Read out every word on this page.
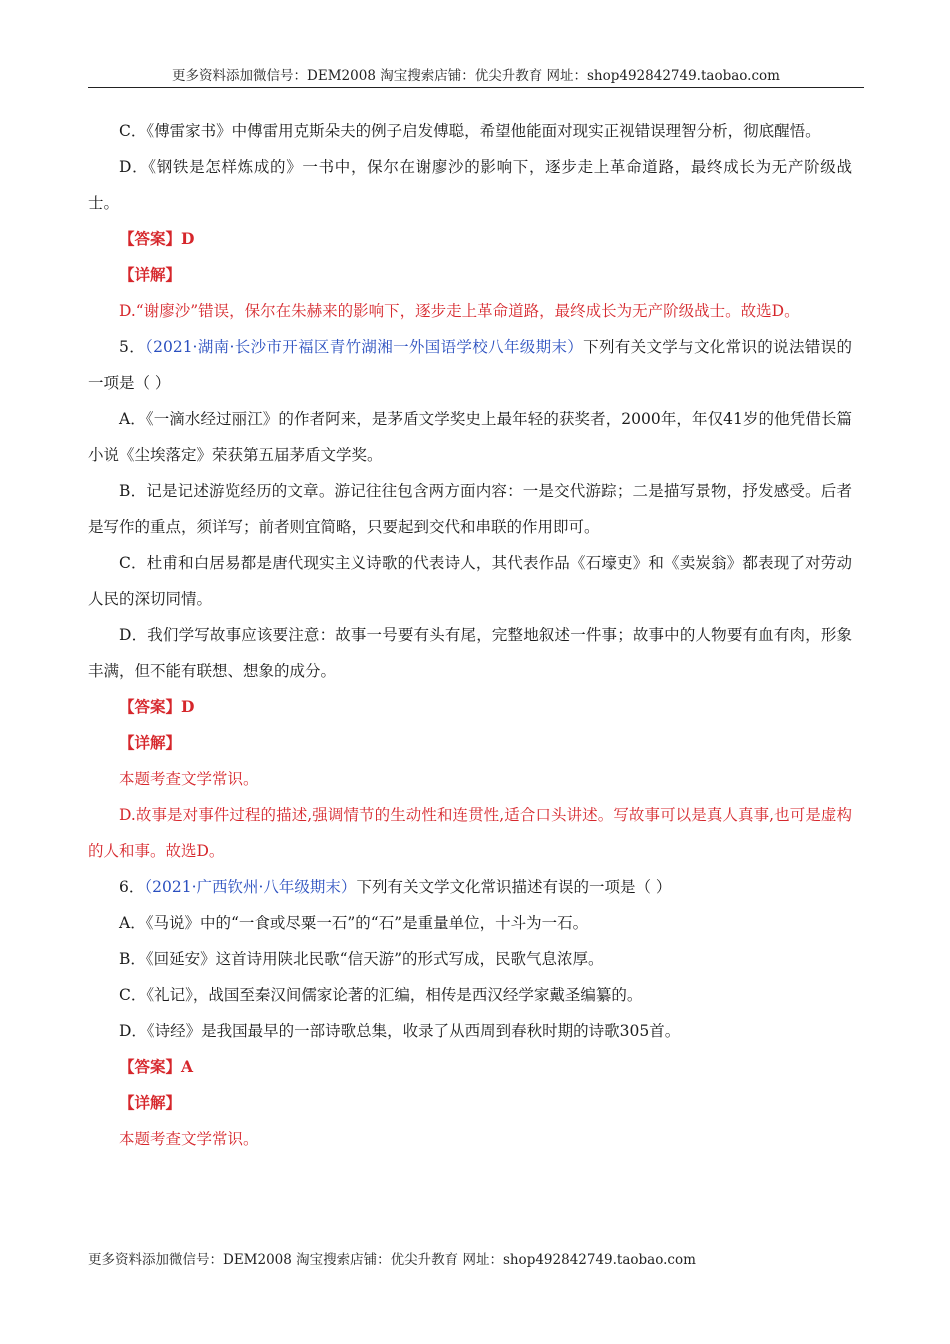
更多资料添加微信号：DEM2008 淘宝搜索店铺：优尖升教育 网址：shop492842749.taobao.com

C．《傅雷家书》中傅雷用克斯朵夫的例子启发傅聪，希望他能面对现实正视错误理智分析，彻底醒悟。

D．《钢铁是怎样炼成的》一书中，保尔在谢廖沙的影响下，逐步走上革命道路，最终成长为无产阶级战士。

【答案】D

【详解】

D.“谢廖沙”错误，保尔在朱赫来的影响下，逐步走上革命道路，最终成长为无产阶级战士。故选D。

5．（2021·湖南·长沙市开福区青竹湖湘一外国语学校八年级期末）下列有关文学与文化常识的说法错误的一项是（ ）

A．《一滴水经过丽江》的作者阿来，是茅盾文学奖史上最年轻的获奖者，2000年，年仅41岁的他凭借长篇小说《尘埃落定》荣获第五届茅盾文学奖。

B．记是记述游览经历的文章。游记往往包含两方面内容：一是交代游踪；二是描写景物，抒发感受。后者是写作的重点，须详写；前者则宜简略，只要起到交代和串联的作用即可。

C．杜甫和白居易都是唐代现实主义诗歌的代表诗人，其代表作品《石壕吏》和《卖炭翁》都表现了对劳动人民的深切同情。

D．我们学写故事应该要注意：故事一号要有头有尾，完整地叙述一件事；故事中的人物要有血有肉，形象丰满，但不能有联想、想象的成分。

【答案】D

【详解】

本题考查文学常识。

D.故事是对事件过程的描述,强调情节的生动性和连贯性,适合口头讲述。写故事可以是真人真事,也可是虚构的人和事。故选D。

6．（2021·广西钦州·八年级期末）下列有关文学文化常识描述有误的一项是（ ）

A．《马说》中的“一食或尽粟一石”的“石”是重量单位，十斗为一石。

B．《回延安》这首诗用陕北民歌“信天游”的形式写成，民歌气息浓厚。

C．《礼记》，战国至秦汉间儒家论著的汇编，相传是西汉经学家戴圣编纂的。

D．《诗经》是我国最早的一部诗歌总集，收录了从西周到春秋时期的诗歌305首。

【答案】A

【详解】

本题考查文学常识。

更多资料添加微信号：DEM2008 淘宝搜索店铺：优尖升教育 网址：shop492842749.taobao.com
